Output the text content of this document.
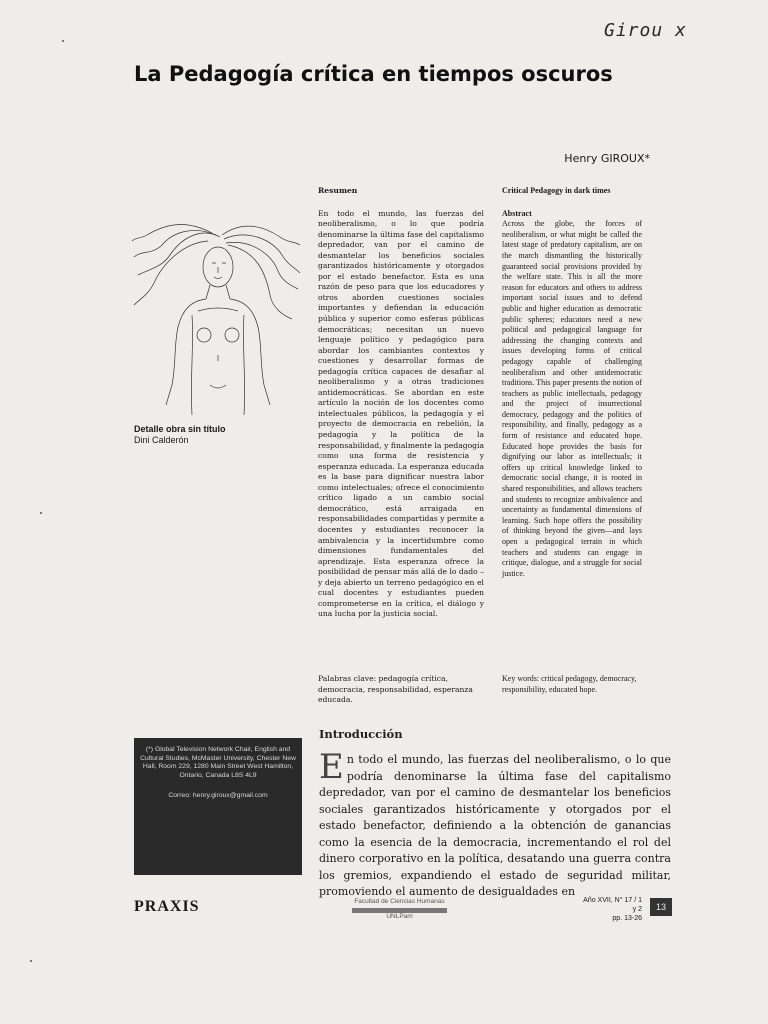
Girou x
La Pedagogía crítica en tiempos oscuros
Henry GIROUX*
Detalle obra sin título
Dini Calderón
Resumen
En todo el mundo, las fuerzas del neoliberalismo, o lo que podría denominarse la última fase del capitalismo depredador, van por el camino de desmantelar los beneficios sociales garantizados históricamente y otorgados por el estado benefactor. Esta es una razón de peso para que los educadores y otros aborden cuestiones sociales importantes y defiendan la educación pública y superior como esferas públicas democráticas; necesitan un nuevo lenguaje político y pedagógico para abordar los cambiantes contextos y cuestiones y desarrollar formas de pedagogía crítica capaces de desafiar al neoliberalismo y a otras tradiciones antidemocráticas. Se abordan en este artículo la noción de los docentes como intelectuales públicos, la pedagogía y el proyecto de democracia en rebelión, la pedagogía y la política de la responsabilidad, y finalmente la pedagogía como una forma de resistencia y esperanza educada. La esperanza educada es la base para dignificar nuestra labor como intelectuales; ofrece el conocimiento crítico ligado a un cambio social democrático, está arraigada en responsabilidades compartidas y permite a docentes y estudiantes reconocer la ambivalencia y la incertidumbre como dimensiones fundamentales del aprendizaje. Esta esperanza ofrece la posibilidad de pensar más allá de lo dado – y deja abierto un terreno pedagógico en el cual docentes y estudiantes pueden comprometerse en la crítica, el diálogo y una lucha por la justicia social.
Critical Pedagogy in dark times
Abstract
Across the globe, the forces of neoliberalism, or what might be called the latest stage of predatory capitalism, are on the march dismantling the historically guaranteed social provisions provided by the welfare state. This is all the more reason for educators and others to address important social issues and to defend public and higher education as democratic public spheres; educators need a new political and pedagogical language for addressing the changing contexts and issues developing forms of critical pedagogy capable of challenging neoliberalism and other antidemocratic traditions. This paper presents the notion of teachers as public intellectuals, pedagogy and the project of insurrectional democracy, pedagogy and the politics of responsibility, and finally, pedagogy as a form of resistance and educated hope. Educated hope provides the basis for dignifying our labor as intellectuals; it offers up critical knowledge linked to democratic social change, it is rooted in shared responsibilities, and allows teachers and students to recognize ambivalence and uncertainty as fundamental dimensions of learning. Such hope offers the possibility of thinking beyond the given—and lays open a pedagogical terrain in which teachers and students can engage in critique, dialogue, and a struggle for social justice.
Palabras clave: pedagogía crítica, democracia, responsabilidad, esperanza educada.
Key words: critical pedagogy, democracy, responsibility, educated hope.
Introducción
En todo el mundo, las fuerzas del neoliberalismo, o lo que podría denominarse la última fase del capitalismo depredador, van por el camino de desmantelar los beneficios sociales garantizados históricamente y otorgados por el estado benefactor, definiendo a la obtención de ganancias como la esencia de la democracia, incrementando el rol del dinero corporativo en la política, desatando una guerra contra los gremios, expandiendo el estado de seguridad militar, promoviendo el aumento de desigualdades en
(*) Global Television Network Chair, English and Cultural Studies, McMaster University, Chester New Hall, Room 229, 1280 Main Street West Hamilton, Ontario, Canada L8S 4L9
Correo: henry.giroux@gmail.com
PRAXIS	Facultad de Ciencias Humanas
UNLPam
Año XVII, N° 17 / 1 y 2
pp. 13-26
13
